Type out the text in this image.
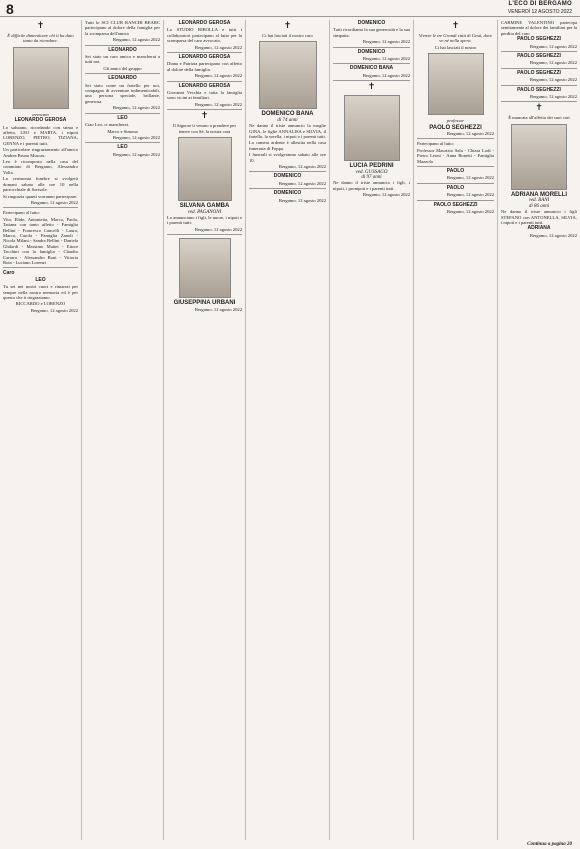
8	L'ECO DI BERGAMO
VENERDÌ 12 AGOSTO 2022
✝

È difficile dimenticare chi ti ha dato tanto da ricordare.

avvocato

LEONARDO GEROSA

Lo salutano, ricordando con stima e affetto, LEO e MARTA, i nipoti LORENZO, PIETRO, TIZIANA, GENNA e i parenti tutti.

Un particolare ringraziamento all'amico Andrea Bruno Muscas.

Leo è ricomposto nella casa del commiato di Bergamo, Alessandro Volta.

La cerimonia funebre si svolgerà domani sabato alle ore 10 nella parrocchiale di Sorisole.

Si ringrazia quanti vorranno partecipare.

Bergamo, 12 agosto 2022

Partecipano al lutto:

Vito, Elide, Antonietta, Marco, Paola, Tatiana con tanto affetto - Famiglia Bellini - Francesco Cancelli - Laura, Marco, Carola - Famiglia Zanoli - Nicola Milani - Sandra Bellini - Daniela Ghilardi - Massimo Mattei - Ettore Tacchini con la famiglia - Claudio Carrara - Alessandro Boni - Vittoria Rota - Luciano Lorenzi

Caro
LEO

Tu sei nei nostri cuori e rimarrai per sempre nella nostra memoria ed è per questo che ti ringraziamo.

RICCARDO e LORENZO

Bergamo, 12 agosto 2022

Tutti lo SCI CLUB RANCHI BEARC partecipano al dolore della famiglia per la scomparsa dell'amico

Bergamo, 12 agosto 2022

LEONARDO

Sei stato un caro amico e mancherai a tutti noi.

Gli amici del gruppo

LEONARDO

Sei stato come un fratello per noi, compagno di avventure indimenticabili, una persona speciale, brillante, generosa.

Bergamo, 12 agosto 2022

LEO

Ciao Leo, ci mancherai.

Marco e Simona

Bergamo, 12 agosto 2022

LEO

Bergamo, 12 agosto 2022

LEONARDO GEROSA

Lo STUDIO RIBOLLA e tutti i collaboratori partecipano al lutto per la scomparsa del caro avvocato.

Bergamo, 12 agosto 2022

LEONARDO GEROSA

Diana e Patrizia partecipano con affetto al dolore della famiglia.

Bergamo, 12 agosto 2022

LEONARDO GEROSA

Giovanni Vecchia e tutta la famiglia sono vicini ai familiari.

Bergamo, 12 agosto 2022

✝

Il Signore ti venuto a prendere per tenere con Sé, la nostra cara

SILVANA GAMBA
ved. PAGANONI

Lo annunciano i figli, le nuore, i nipoti e i parenti tutti.

Bergamo, 12 agosto 2022

GIUSEPPINA URBANI

Bergamo, 12 agosto 2022

✝

Ci hai lasciati il nostro caro

DOMENICO BANA
di 74 anni

Ne danno il triste annuncio la moglie GINA, le figlie ANNALISA e SILVIA, il fratello, la sorella, i nipoti e i parenti tutti.

La camera ardente è allestita nella casa funeraria di Foppa.

I funerali si svolgeranno sabato alle ore 10.

Bergamo, 12 agosto 2022

DOMENICO

Bergamo, 12 agosto 2022

DOMENICO

Bergamo, 12 agosto 2022

DOMENICO

Tutti ricordiamo la sua generosità e la sua simpatia.

Bergamo, 12 agosto 2022

DOMENICO

Bergamo, 12 agosto 2022

DOMENICO BANA

Bergamo, 12 agosto 2022

✝
LUCIA PEDRINI
ved. GUSSAGO
di 97 anni

Ne danno il triste annuncio i figli, i nipoti, i pronipoti e i parenti tutti.

Bergamo, 12 agosto 2022

✝

Vivrete le tre Grandi città di Gesù, dove ve né nella spera.

Ci hai lasciati il nostro

professor

PAOLO SEGHEZZI

Bergamo, 12 agosto 2022

Partecipano al lutto:

Professor Maurizio Sala - Chiara Lodi - Pietro Leoni - Anna Bonetti - Famiglia Mazzola

PAOLO

Bergamo, 12 agosto 2022

PAOLO

Bergamo, 12 agosto 2022

PAOLO SEGHEZZI

Bergamo, 12 agosto 2022

CARMINE VALENTINO partecipa sentitamente al dolore dei familiari per la perdita del caro

PAOLO SEGHEZZI

Bergamo, 12 agosto 2022

PAOLO SEGHEZZI

Bergamo, 12 agosto 2022

PAOLO SEGHEZZI

Bergamo, 12 agosto 2022

PAOLO SEGHEZZI

Bergamo, 12 agosto 2022

✝

È mancata all'affetto dei suoi cari

ADRIANA MORELLI
ved. BANI
di 86 anni

Ne danno il triste annuncio i figli STEFANO con ANTONELLA, SILVIA, i nipoti e i parenti tutti.

ADRIANA

Bergamo, 12 agosto 2022

Continua a pagina 20
